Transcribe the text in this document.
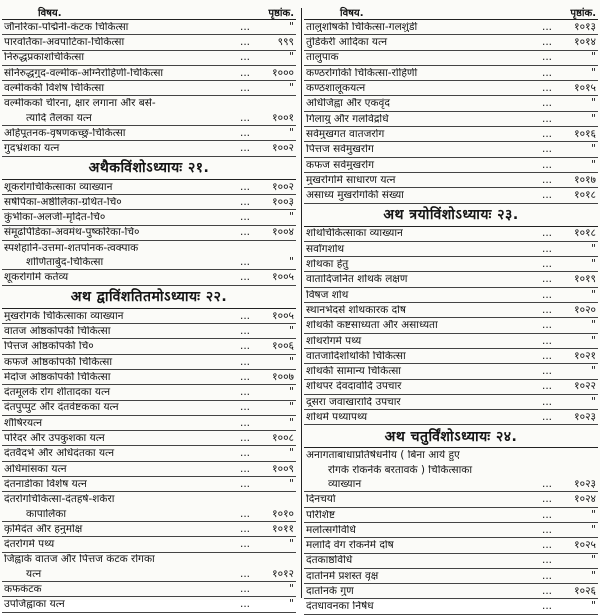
विषय.	पृष्ठांक.
जौंनरिका-पद्मिनी-कंटक चिकित्सा	...	"
पारवर्तिका-अवपाटिका-चिकित्सा	...	९९९
निरुद्धप्रकाशचिकित्सा	...	"
संनिरुद्धगुद-वल्मीक-अग्निरोहिणी-चिकित्सा	...	१०००
वल्मीककी विशेष चिकित्सा	...	"
वल्मीकको चीरना, क्षार लगाना और बसे-
त्यादि तैलका यत्न	...	१००१
अहिपूतनक-वृषणकच्छु-चिकित्सा	...	"
गुदभ्रंशका यत्न	...	१००२
अथैकविंशोऽध्यायः २१.
शूकरोगचिकित्साका व्याख्यान	...	१००२
सर्षपिका-अष्ठीलिका-ग्रथित-चि०	...	१००३
कुंभीका-अलजी-मृदित-चि०	...	"
संमूढपिडिका-अवमंथ-पुष्करिका-चि०	...	१००४
स्पर्शहानि-उत्तमा-शतपोनक-त्वक्पाक
शोणितार्बुद-चिकित्सा	...	"
शूकरोगोंमें कर्तव्य	...	१००५
अथ द्वाविंशतितमोऽध्यायः २२.
मुखरोगके चिकित्साका व्याख्यान	...	१००५
वातज ओष्ठकोपकी चिकित्सा	...	"
पित्तज ओष्ठकोपकी चि०	...	१००६
कफजे ओष्ठकोपकी चिकित्सा	...	"
मेदोज ओष्ठकोपकी चिकित्सा	...	१००७
दंतमूलके रोग शीतादका यत्न	...	"
दंतपुप्पुट और दंतवेष्टकका यत्न	...	"
शौषिरयत्न	...	"
परिदर और उपकुशका यत्न	...	१००८
दंतवैदर्भ और अधिदंतका यत्न	...	"
अधिमांसका यत्न	...	१००९
दंतनाडीका विशेष यत्न	...	"
दंतरोगचिकित्सा-दंतहर्ष-शर्करा
कापालिका	...	१०१०
कृमिदंत और हनुमोक्ष	...	१०११
दंतरोगमें पथ्य	...	"
जिह्वाके वातज और पित्तज कंटक रोगका
यत्न	...	१०१२
कफकंटक	...	"
उपजिह्वाका यत्न	...	"
विषय.	पृष्ठांक.
तालुशोषकी चिकित्सा-गलशुंडी	...	१०१३
तुंडिकेरी आदिका यत्न	...	१०१४
तालुपाक	...	"
कण्ठरोगोंकी चिकित्सा-रोहिणी	...	"
कण्ठशालूकयत्न	...	१०१५
अधिजिह्वा और एकवृंद	...	"
गिलायु और गलविद्रधि	...	"
सर्वमुखगत वातजरोग	...	१०१६
पित्तज सर्वमुखरोग	...	"
कफज सर्वमुखरोग	...	"
मुखरोगोंमें साधारण यत्न	...	१०१७
असाध्य मुखरोगोंकी संख्या	...	१०१८
अथ त्रयोविंशोऽध्यायः २३.
शोथचिकित्साका व्याख्यान	...	१०१८
सर्वांगशोथ	...	"
शोथका हेतु	...	"
वातादिजनित शोथके लक्षण	...	१०१९
विषज शोथ	...	"
स्थानभेदसे शोथकारक दोष	...	१०२०
शोथकी कष्टसाध्यता और असाध्यता	...	"
शोथरोगमें पथ्य	...	"
वातजादिशोथोंकी चिकित्सा	...	१०२१
शोथकी सामान्य चिकित्सा	...	"
शोथपर देवदार्वादि उपचार	...	१०२२
दूसरा जवाखारादि उपचार	...	"
शोथमें पथ्यापथ्य	...	१०२३
अथ चतुर्विंशोऽध्यायः २४.
अनागताबाधाप्रतिषेधनीय ( बिना आये हुए
रोगके रोकनेके बरतावके ) चिकित्साका
व्याख्यान	...	१०२३
दिनचर्या	...	१०२४
परिशिष्ट	...	"
मलोत्सर्गविधि	...	"
मलादि वेग रोकनेमें दोष	...	१०२५
दंतकाष्ठविधि	...	"
दातोनमें प्रशस्त वृक्ष	...	"
दातोनके गुण	...	१०२६
दंतधावनका निषेध	...	"
